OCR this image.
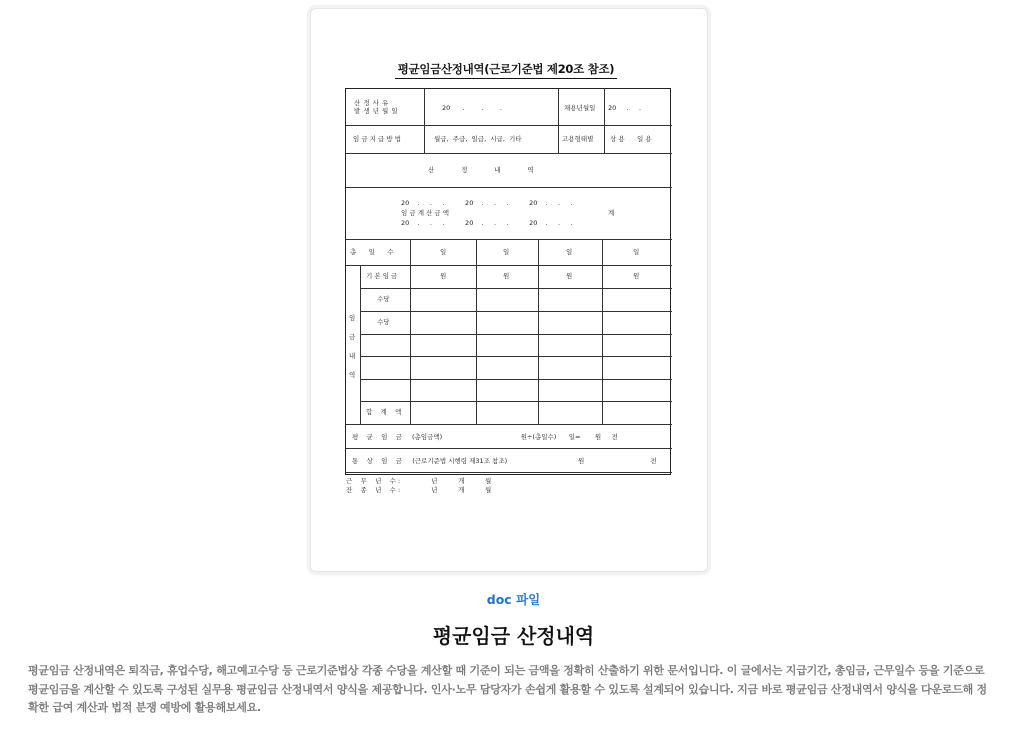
평균임금산정내역(근로기준법 제20조 참조)
산 정 사 유
발 생 년 월 일	20      .        .        .	채용년월일 20     .     .
임 금 지 급 방 법	월급,  주급,  일급,  시급,  기타	고용형태별	상 용      일 용
산             정             내             역
20    .     .     .          20    .     .     .          20    .     .     .
임 금 계 산 금 액	계
20    .     .     .          20    .     .     .          20    .     .     .
총      일      수	일	일	일	일
임
금
내
역
기 본 임 금	원	원	원	원
수당
수당
합    계    액
평    균    임    금 (총임금액)                                      원÷(총일수)      일=       원     전
통    상    임    금     (근로기준법 시행령 제31조 참조)	원                                전
근    무    년    수 :               년          개          월
잔    종    년    수 :               년          개          월
doc 파일
평균임금 산정내역
평균임금 산정내역은 퇴직금, 휴업수당, 해고예고수당 등 근로기준법상 각종 수당을 계산할 때 기준이 되는 금액을 정확히 산출하기 위한 문서입니다. 이 글에서는 지급기간, 총임금, 근무일수 등을 기준으로 평균임금을 계산할 수 있도록 구성된 실무용 평균임금 산정내역서 양식을 제공합니다. 인사·노무 담당자가 손쉽게 활용할 수 있도록 설계되어 있습니다. 지금 바로 평균임금 산정내역서 양식을 다운로드해 정확한 급여 계산과 법적 분쟁 예방에 활용해보세요.
